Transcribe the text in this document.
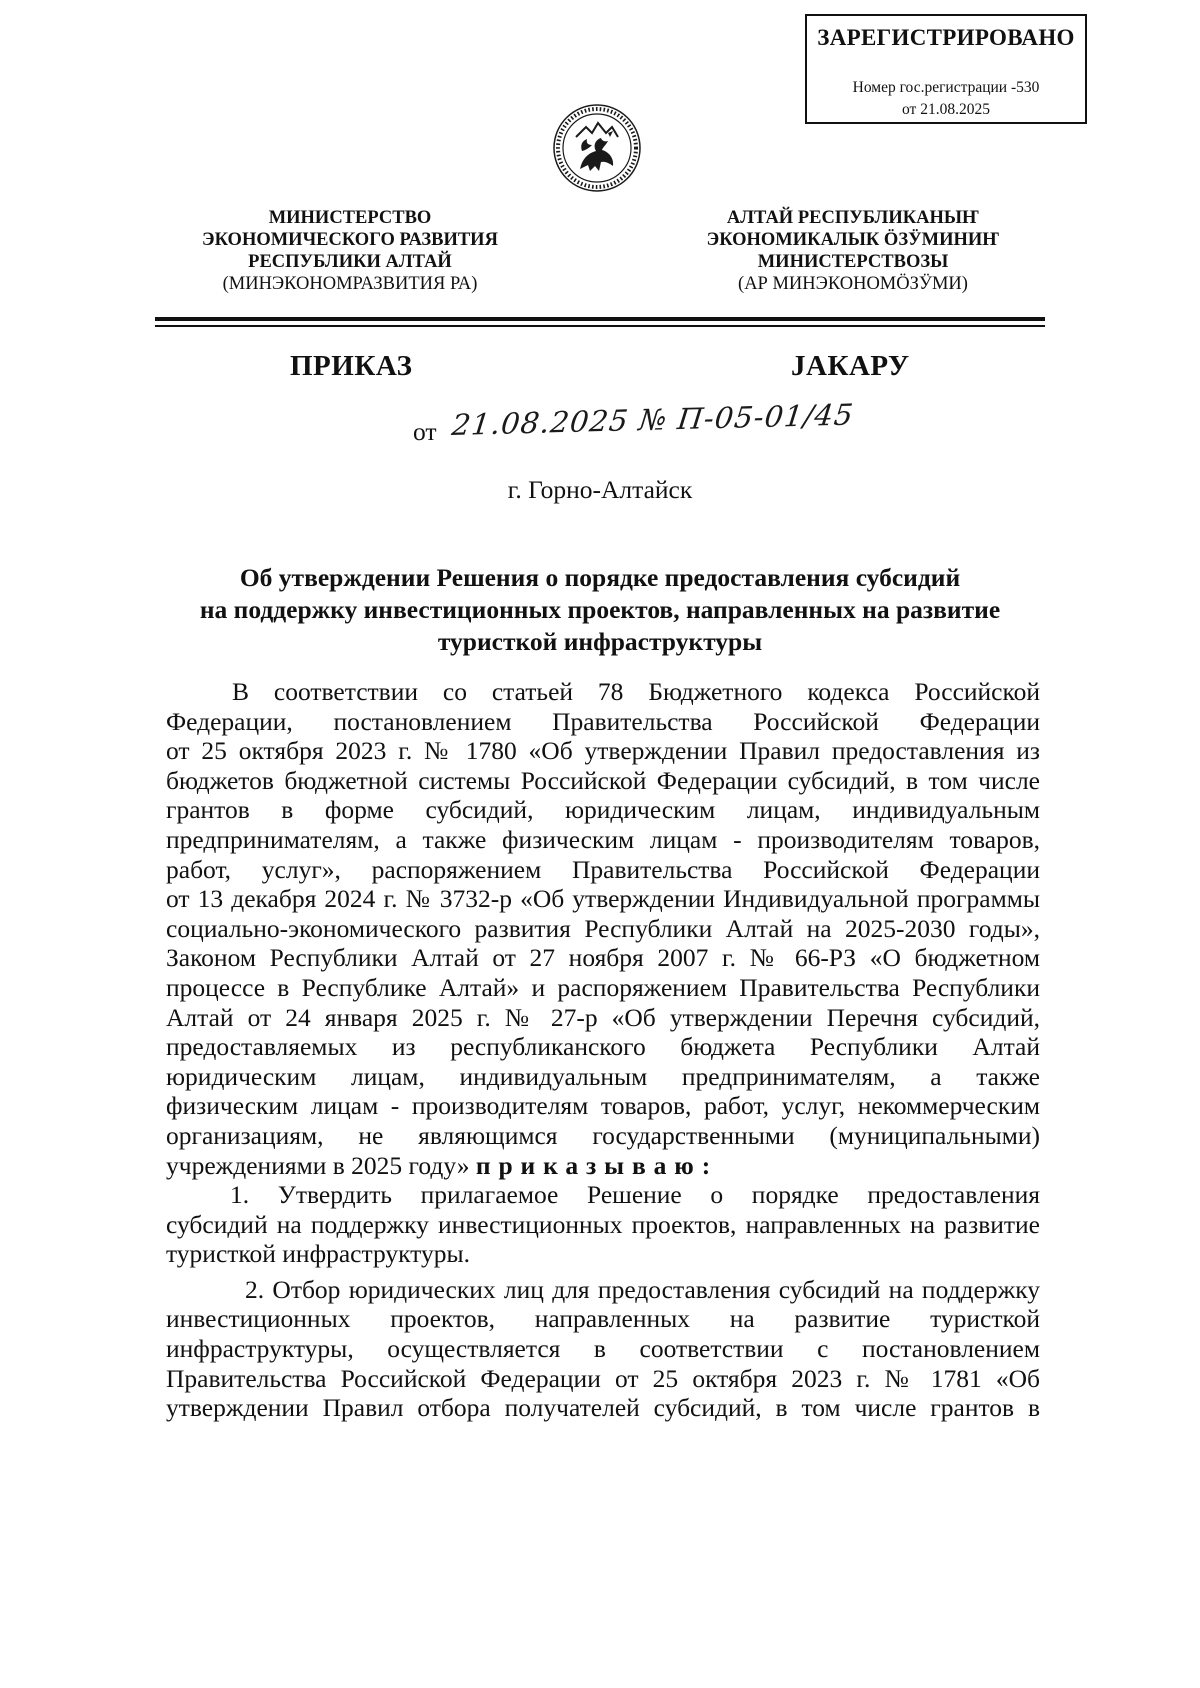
ЗАРЕГИСТРИРОВАНО
Номер гос.регистрации -530
от 21.08.2025
МИНИСТЕРСТВО
ЭКОНОМИЧЕСКОГО РАЗВИТИЯ
РЕСПУБЛИКИ АЛТАЙ
(МИНЭКОНОМРАЗВИТИЯ РА)
АЛТАЙ РЕСПУБЛИКАНЫҤ
ЭКОНОМИКАЛЫК ӦЗӰМИНИҤ
МИНИСТЕРСТВОЗЫ
(АР МИНЭКОНОМӦЗӰМИ)
ПРИКАЗ	ЈАКАРУ
от 21.08.2025 № П-05-01/45
г. Горно-Алтайск
Об утверждении Решения о порядке предоставления субсидий
на поддержку инвестиционных проектов, направленных на развитие
туристкой инфраструктуры
В соответствии со статьей 78 Бюджетного кодекса Российской
Федерации, постановлением Правительства Российской Федерации
от 25 октября 2023 г. № 1780 «Об утверждении Правил предоставления из
бюджетов бюджетной системы Российской Федерации субсидий, в том числе
грантов в форме субсидий, юридическим лицам, индивидуальным
предпринимателям, а также физическим лицам - производителям товаров,
работ, услуг», распоряжением Правительства Российской Федерации
от 13 декабря 2024 г. № 3732-р «Об утверждении Индивидуальной программы
социально-экономического развития Республики Алтай на 2025-2030 годы»,
Законом Республики Алтай от 27 ноября 2007 г. № 66-РЗ «О бюджетном
процессе в Республике Алтай» и распоряжением Правительства Республики
Алтай от 24 января 2025 г. № 27-р «Об утверждении Перечня субсидий,
предоставляемых из республиканского бюджета Республики Алтай
юридическим лицам, индивидуальным предпринимателям, а также
физическим лицам - производителям товаров, работ, услуг, некоммерческим
организациям, не являющимся государственными (муниципальными)
учреждениями в 2025 году» приказываю:
1. Утвердить прилагаемое Решение о порядке предоставления
субсидий на поддержку инвестиционных проектов, направленных на развитие
туристкой инфраструктуры.
2. Отбор юридических лиц для предоставления субсидий на поддержку
инвестиционных проектов, направленных на развитие туристкой
инфраструктуры, осуществляется в соответствии с постановлением
Правительства Российской Федерации от 25 октября 2023 г. № 1781 «Об
утверждении Правил отбора получателей субсидий, в том числе грантов в
